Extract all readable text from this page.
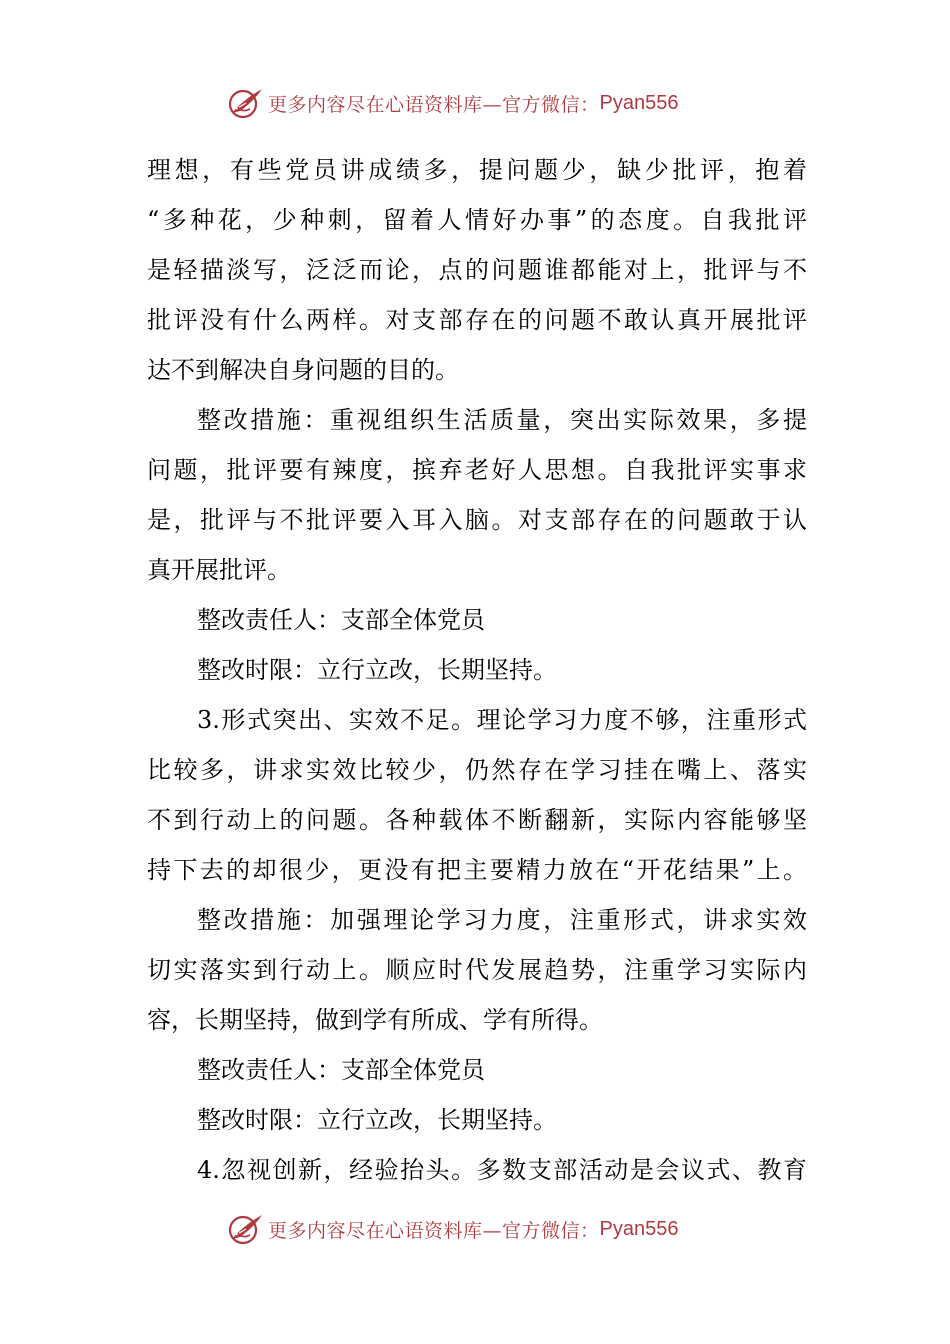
更多内容尽在心语资料库—官方微信： Pyan556
理想，有些党员讲成绩多，提问题少，缺少批评，抱着
“多种花，少种刺，留着人情好办事”的态度。自我批评
是轻描淡写，泛泛而论，点的问题谁都能对上，批评与不
批评没有什么两样。对支部存在的问题不敢认真开展批评
达不到解决自身问题的目的。
整改措施：重视组织生活质量，突出实际效果，多提
问题，批评要有辣度，摈弃老好人思想。自我批评实事求
是，批评与不批评要入耳入脑。对支部存在的问题敢于认
真开展批评。
整改责任人：支部全体党员
整改时限：立行立改，长期坚持。
3.形式突出、实效不足。理论学习力度不够，注重形式
比较多，讲求实效比较少，仍然存在学习挂在嘴上、落实
不到行动上的问题。各种载体不断翻新，实际内容能够坚
持下去的却很少，更没有把主要精力放在“开花结果”上。
整改措施：加强理论学习力度，注重形式，讲求实效
切实落实到行动上。顺应时代发展趋势，注重学习实际内
容，长期坚持，做到学有所成、学有所得。
整改责任人：支部全体党员
整改时限：立行立改，长期坚持。
4.忽视创新，经验抬头。多数支部活动是会议式、教育
更多内容尽在心语资料库—官方微信： Pyan556
